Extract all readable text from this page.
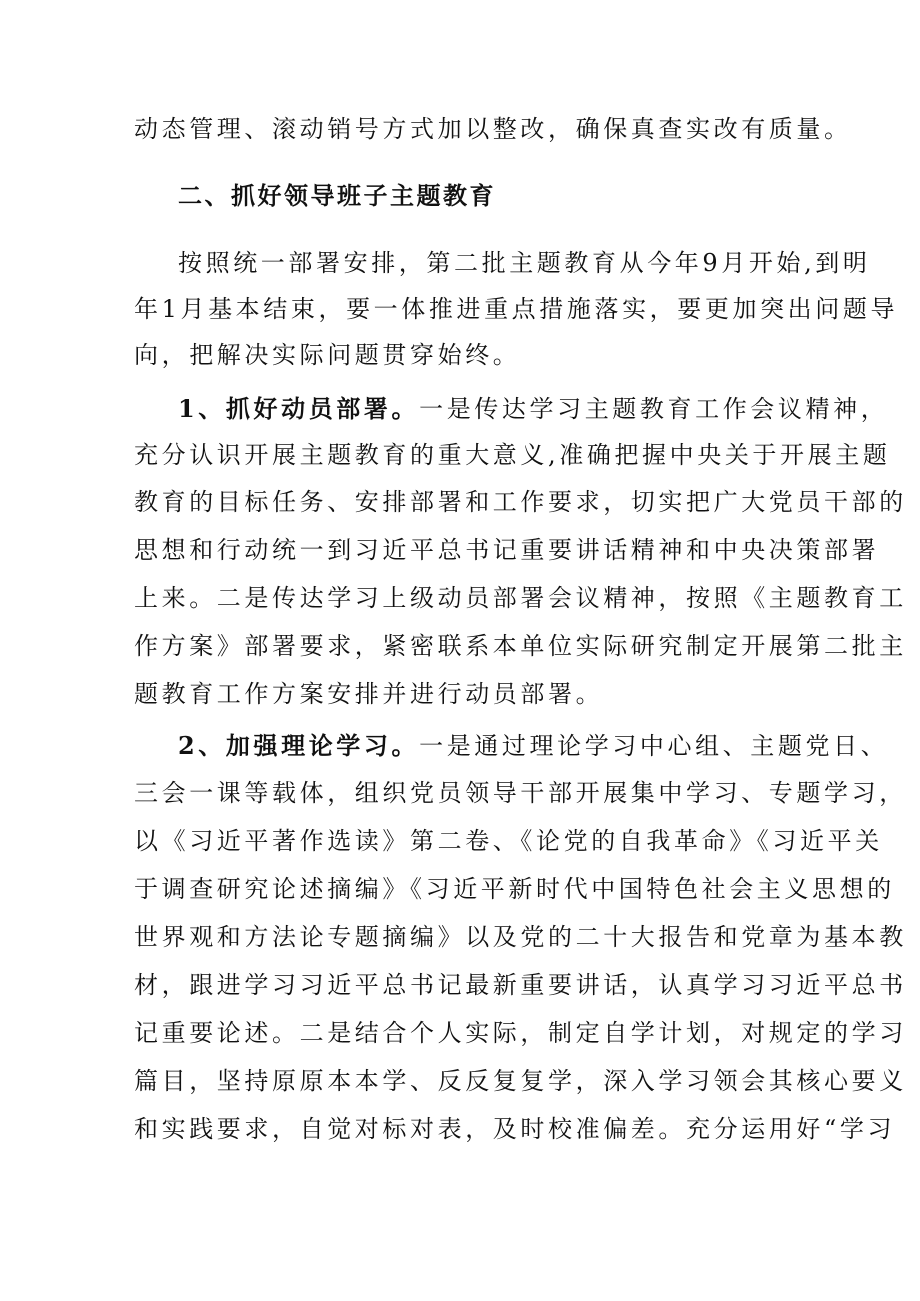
动态管理、滚动销号方式加以整改，确保真查实改有质量。
二、抓好领导班子主题教育
按照统一部署安排，第二批主题教育从今年9月开始,到明
年1月基本结束，要一体推进重点措施落实，要更加突出问题导
向，把解决实际问题贯穿始终。
1、抓好动员部署。一是传达学习主题教育工作会议精神，
充分认识开展主题教育的重大意义,准确把握中央关于开展主题
教育的目标任务、安排部署和工作要求，切实把广大党员干部的
思想和行动统一到习近平总书记重要讲话精神和中央决策部署
上来。二是传达学习上级动员部署会议精神，按照《主题教育工
作方案》部署要求，紧密联系本单位实际研究制定开展第二批主
题教育工作方案安排并进行动员部署。
2、加强理论学习。一是通过理论学习中心组、主题党日、
三会一课等载体，组织党员领导干部开展集中学习、专题学习，
以《习近平著作选读》第二卷、《论党的自我革命》《习近平关
于调查研究论述摘编》《习近平新时代中国特色社会主义思想的
世界观和方法论专题摘编》以及党的二十大报告和党章为基本教
材，跟进学习习近平总书记最新重要讲话，认真学习习近平总书
记重要论述。二是结合个人实际，制定自学计划，对规定的学习
篇目，坚持原原本本学、反反复复学，深入学习领会其核心要义
和实践要求，自觉对标对表，及时校准偏差。充分运用好“学习
